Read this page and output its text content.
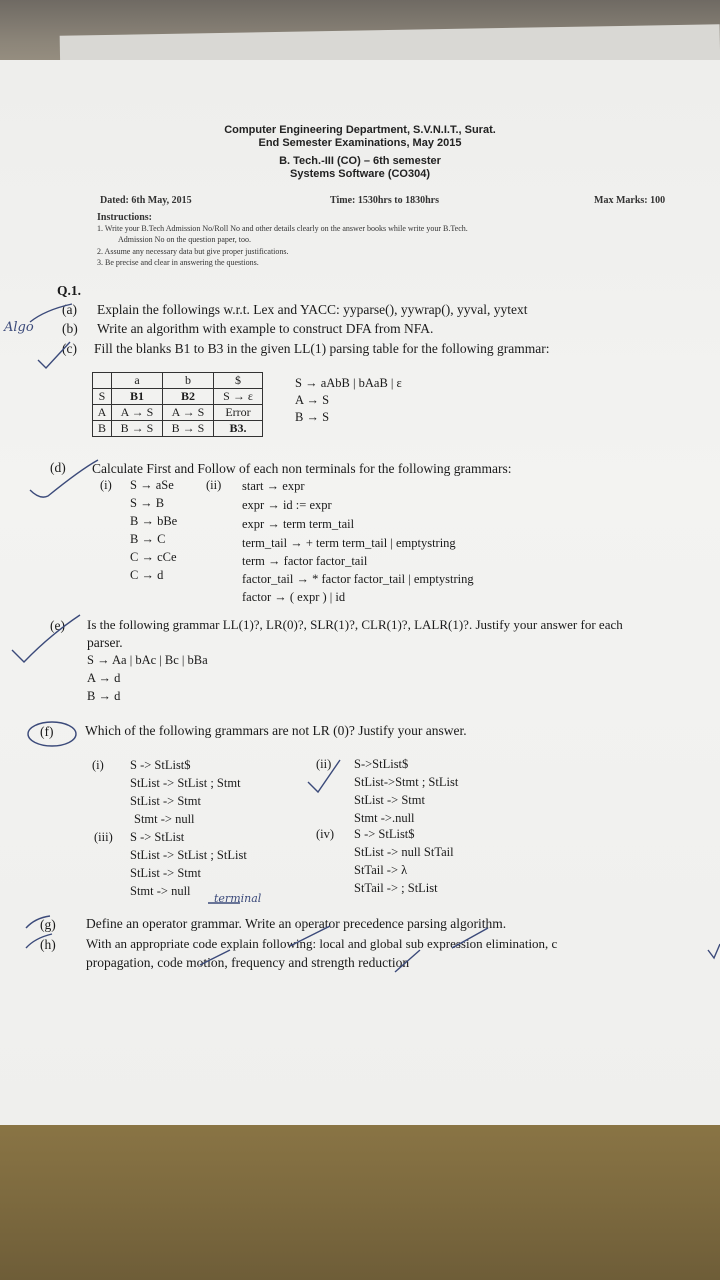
Computer Engineering Department, S.V.N.I.T., Surat.
End Semester Examinations, May 2015
B. Tech.-III (CO) – 6th semester
Systems Software (CO304)
Dated: 6th May, 2015	Time: 1530hrs to 1830hrs	Max Marks: 100
Instructions:
1. Write your B.Tech Admission No/Roll No and other details clearly on the answer books while write your B.Tech.
Admission No on the question paper, too.
2. Assume any necessary data but give proper justifications.
3. Be precise and clear in answering the questions.
Q.1.
(a) Explain the followings w.r.t. Lex and YACC: yyparse(), yywrap(), yyval, yytext
(b) Write an algorithm with example to construct DFA from NFA.
Algo
(c) Fill the blanks B1 to B3 in the given LL(1) parsing table for the following grammar:
	a	b	$
S	B1	B2	S → ε
A	A → S	A → S	Error
B	B → S	B → S	B3.
S → aAbB | bAaB | ε
A → S
B → S
(d) Calculate First and Follow of each non terminals for the following grammars:
(i) S → aSe
S → B
B → bBe
B → C
C → cCe
C → d
(ii) start → expr
expr → id := expr
expr → term term_tail
term_tail → + term term_tail | emptystring
term → factor factor_tail
factor_tail → * factor factor_tail | emptystring
factor → ( expr ) | id
(e) Is the following grammar LL(1)?, LR(0)?, SLR(1)?, CLR(1)?, LALR(1)?. Justify your answer for each
parser.
S → Aa | bAc | Bc | bBa
A → d
B → d
(f) Which of the following grammars are not LR (0)? Justify your answer.
(i) S -> StList$
StList -> StList ; Stmt
StList -> Stmt
Stmt -> null
(ii) S->StList$
StList->Stmt ; StList
StList -> Stmt
Stmt ->.null
(iii) S -> StList
StList -> StList ; StList
StList -> Stmt
Stmt -> null
terminal
(iv) S -> StList$
StList -> null StTail
StTail -> λ
StTail -> ; StList
(g) Define an operator grammar. Write an operator precedence parsing algorithm.
(h) With an appropriate code explain following: local and global sub expression elimination, c
propagation, code motion, frequency and strength reduction
